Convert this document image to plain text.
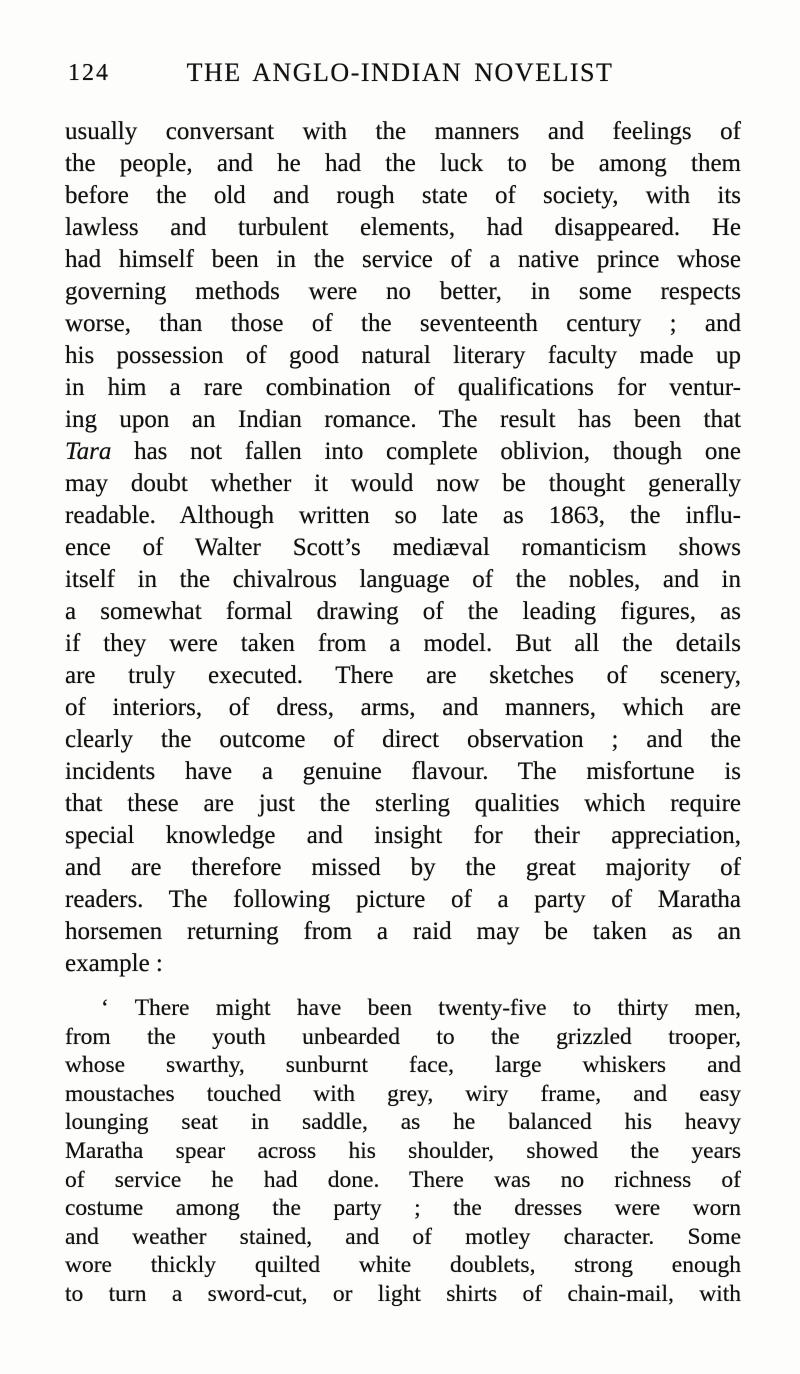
124	THE ANGLO-INDIAN NOVELIST
usually conversant with the manners and feelings of
the people, and he had the luck to be among them
before the old and rough state of society, with its
lawless and turbulent elements, had disappeared. He
had himself been in the service of a native prince whose
governing methods were no better, in some respects
worse, than those of the seventeenth century ; and
his possession of good natural literary faculty made up
in him a rare combination of qualifications for ventur-
ing upon an Indian romance. The result has been that
Tara has not fallen into complete oblivion, though one
may doubt whether it would now be thought generally
readable. Although written so late as 1863, the influ-
ence of Walter Scott’s mediæval romanticism shows
itself in the chivalrous language of the nobles, and in
a somewhat formal drawing of the leading figures, as
if they were taken from a model. But all the details
are truly executed. There are sketches of scenery,
of interiors, of dress, arms, and manners, which are
clearly the outcome of direct observation ; and the
incidents have a genuine flavour. The misfortune is
that these are just the sterling qualities which require
special knowledge and insight for their appreciation,
and are therefore missed by the great majority of
readers. The following picture of a party of Maratha
horsemen returning from a raid may be taken as an
example :
‘ There might have been twenty-five to thirty men,
from the youth unbearded to the grizzled trooper,
whose swarthy, sunburnt face, large whiskers and
moustaches touched with grey, wiry frame, and easy
lounging seat in saddle, as he balanced his heavy
Maratha spear across his shoulder, showed the years
of service he had done. There was no richness of
costume among the party ; the dresses were worn
and weather stained, and of motley character. Some
wore thickly quilted white doublets, strong enough
to turn a sword-cut, or light shirts of chain-mail, with
